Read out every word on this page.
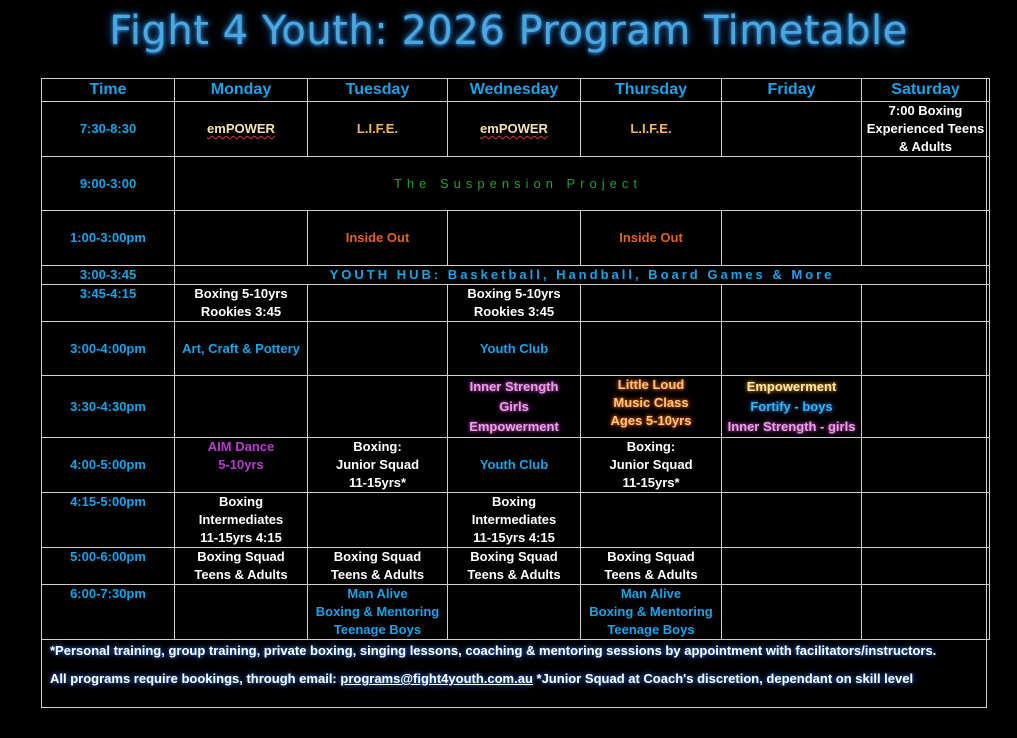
Fight 4 Youth: 2026 Program Timetable
Time	Monday	Tuesday	Wednesday	Thursday	Friday	Saturday
7:30-8:30	emPOWER	L.I.F.E.	emPOWER	L.I.F.E.		7:00 Boxing
Experienced Teens
& Adults

9:00-3:00	The Suspension Project					
1:00-3:00pm		Inside Out		Inside Out		
3:00-3:45	YOUTH HUB: Basketball, Handball, Board Games & More					
3:45-4:15	Boxing 5-10yrs
Rookies 3:45		Boxing 5-10yrs
Rookies 3:45			

3:00-4:00pm	Art, Craft & Pottery		Youth Club			
3:30-4:30pm			Inner Strength
Girls
Empowerment	Little Loud
Music Class
Ages 5-10yrs	Empowerment
Fortify - boys
Inner Strength - girls	

4:00-5:00pm	AIM Dance
5-10yrs	Boxing:
Junior Squad
11-15yrs*	Youth Club	Boxing:
Junior Squad
11-15yrs*		

4:15-5:00pm	Boxing
Intermediates
11-15yrs 4:15		Boxing
Intermediates
11-15yrs 4:15			

5:00-6:00pm	Boxing Squad
Teens & Adults	Boxing Squad
Teens & Adults	Boxing Squad
Teens & Adults	Boxing Squad
Teens & Adults		

6:00-7:30pm		Man Alive
Boxing & Mentoring
Teenage Boys		Man Alive
Boxing & Mentoring
Teenage Boys		

*Personal training, group training, private boxing, singing lessons, coaching & mentoring sessions by appointment with facilitators/instructors.

All programs require bookings, through email: programs@fight4youth.com.au *Junior Squad at Coach's discretion, dependant on skill level
